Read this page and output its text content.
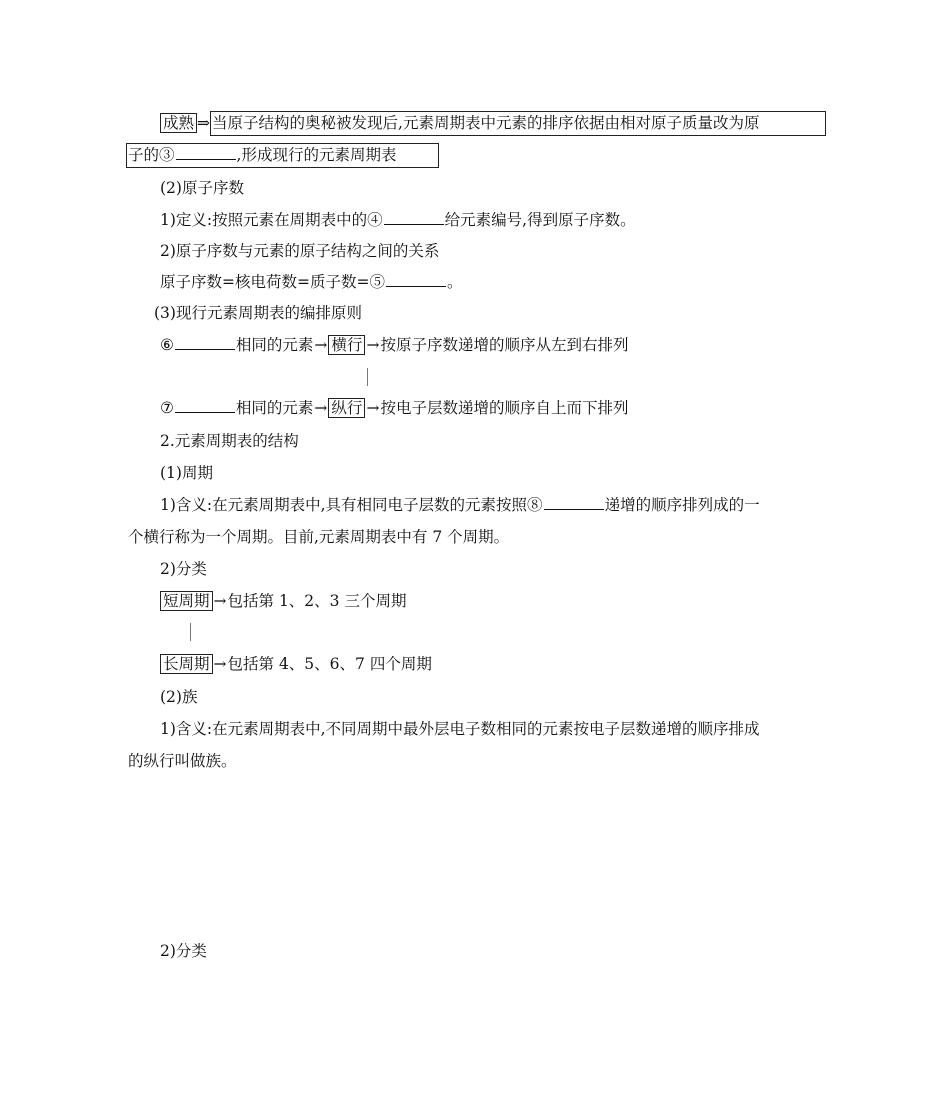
成熟 ⇒ 当原子结构的奥秘被发现后,元素周期表中元素的排序依据由相对原子质量改为原
子的③	,形成现行的元素周期表
(2)原子序数
1)定义:按照元素在周期表中的④	给元素编号,得到原子序数。
2)原子序数与元素的原子结构之间的关系
原子序数=核电荷数=质子数=⑤	。
(3)现行元素周期表的编排原则
⑥	相同的元素→ 横行 →按原子序数递增的顺序从左到右排列
⑦	相同的元素→ 纵行 →按电子层数递增的顺序自上而下排列
2.元素周期表的结构
(1)周期
1)含义:在元素周期表中,具有相同电子层数的元素按照⑧	递增的顺序排列成的一
个横行称为一个周期。目前,元素周期表中有 7 个周期。
2)分类
短周期 →包括第 1、2、3 三个周期
长周期 →包括第 4、5、6、7 四个周期
(2)族
1)含义:在元素周期表中,不同周期中最外层电子数相同的元素按电子层数递增的顺序排成
的纵行叫做族。
2)分类
